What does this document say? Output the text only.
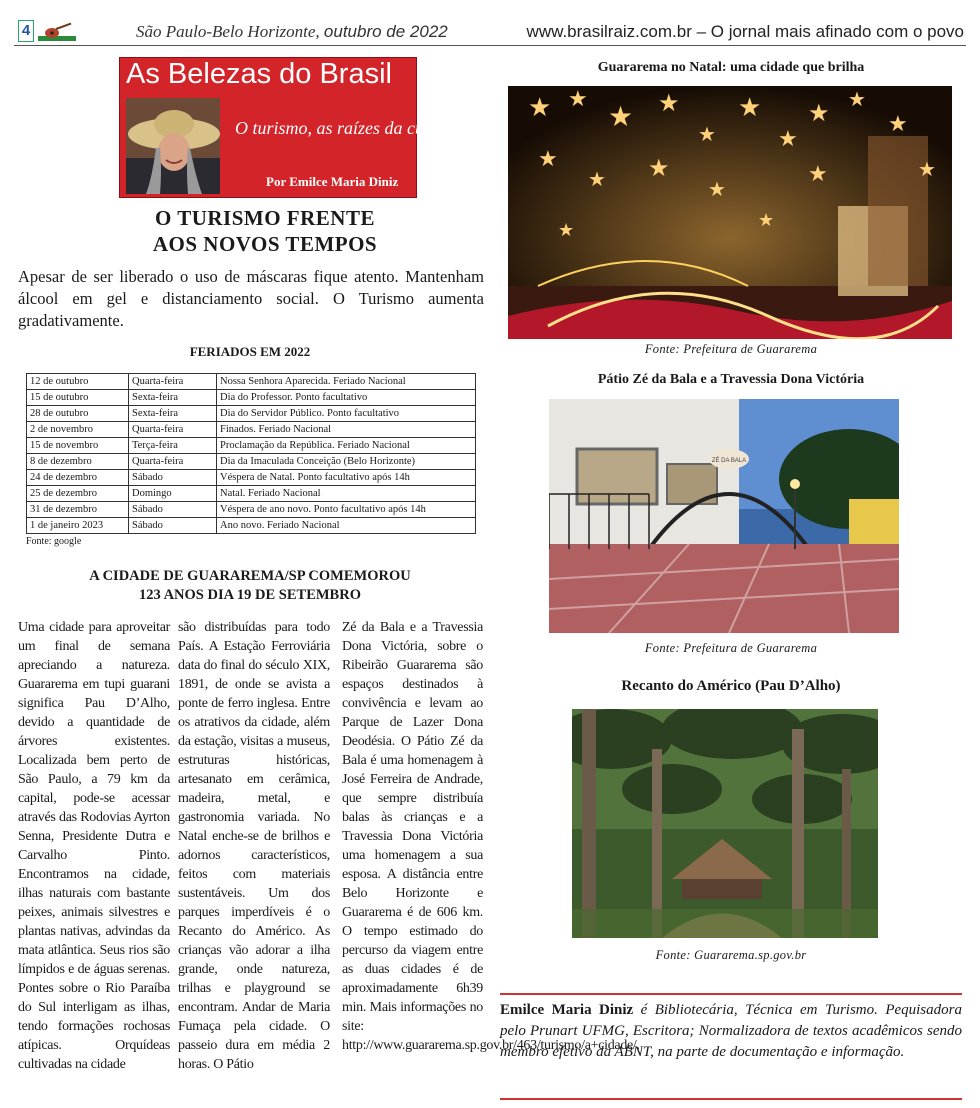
4	São Paulo-Belo Horizonte, outubro de 2022	www.brasilraiz.com.br – O jornal mais afinado com o povo
As Belezas do Brasil
O turismo, as raízes da cultura
Por Emilce Maria Diniz
O TURISMO FRENTE
AOS NOVOS TEMPOS
Apesar de ser liberado o uso de máscaras fique atento. Mantenham álcool em gel e distanciamento social. O Turismo aumenta gradativamente.
FERIADOS EM 2022
12 de outubro	Quarta-feira	Nossa Senhora Aparecida. Feriado Nacional
15 de outubro	Sexta-feira	Dia do Professor. Ponto facultativo
28 de outubro	Sexta-feira	Dia do Servidor Público. Ponto facultativo
2 de novembro	Quarta-feira	Finados. Feriado Nacional
15 de novembro	Terça-feira	Proclamação da República. Feriado Nacional
8 de dezembro	Quarta-feira	Dia da Imaculada Conceição (Belo Horizonte)
24 de dezembro	Sábado	Véspera de Natal. Ponto facultativo após 14h
25 de dezembro	Domingo	Natal. Feriado Nacional
31 de dezembro	Sábado	Véspera de ano novo. Ponto facultativo após 14h
1 de janeiro 2023	Sábado	Ano novo. Feriado Nacional
Fonte: google
A CIDADE DE GUARAREMA/SP COMEMOROU
123 ANOS DIA 19 DE SETEMBRO
Uma cidade para aproveitar um final de semana apreciando a natureza. Guararema em tupi guarani significa Pau D’Alho, devido a quantidade de árvores existentes. Localizada bem perto de São Paulo, a 79 km da capital, pode-se acessar através das Rodovias Ayrton Senna, Presidente Dutra e Carvalho Pinto. Encontramos na cidade, ilhas naturais com bastante peixes, animais silvestres e plantas nativas, advindas da mata atlântica. Seus rios são límpidos e de águas serenas. Pontes sobre o Rio Paraíba do Sul interligam as ilhas, tendo formações rochosas atípicas. Orquídeas cultivadas na cidade
são distribuídas para todo País. A Estação Ferroviária data do final do século XIX, 1891, de onde se avista a ponte de ferro inglesa. Entre os atrativos da cidade, além da estação, visitas a museus, estruturas históricas, artesanato em cerâmica, madeira, metal, e gastronomia variada. No Natal enche-se de brilhos e adornos característicos, feitos com materiais sustentáveis. Um dos parques imperdíveis é o Recanto do Américo. As crianças vão adorar a ilha grande, onde natureza, trilhas e playground se encontram. Andar de Maria Fumaça pela cidade. O passeio dura em média 2 horas. O Pátio
Zé da Bala e a Travessia Dona Victória, sobre o Ribeirão Guararema são espaços destinados à convivência e levam ao Parque de Lazer Dona Deodésia. O Pátio Zé da Bala é uma homenagem à José Ferreira de Andrade, que sempre distribuía balas às crianças e a Travessia Dona Victória uma homenagem a sua esposa. A distância entre Belo Horizonte e Guararema é de 606 km. O tempo estimado do percurso da viagem entre as duas cidades é de aproximadamente 6h39 min. Mais informações no site: http://www.guararema.sp.gov.br/463/turismo/a+cidade/.
Guararema no Natal: uma cidade que brilha
★ ★
★ ★
★
★
★
★
★
★
★
★ ★
★
★	★
★
★
Fonte: Prefeitura de Guararema
Pátio Zé da Bala e a Travessia Dona Victória
ZÉ DA BALA
Fonte: Prefeitura de Guararema
Recanto do Américo (Pau D’Alho)
Fonte: Guararema.sp.gov.br
Emilce Maria Diniz é Bibliotecária, Técnica em Turismo. Pequisadora pelo Prunart UFMG, Escritora; Normalizadora de textos acadêmicos sendo membro efetivo da ABNT, na parte de documentação e informação.
